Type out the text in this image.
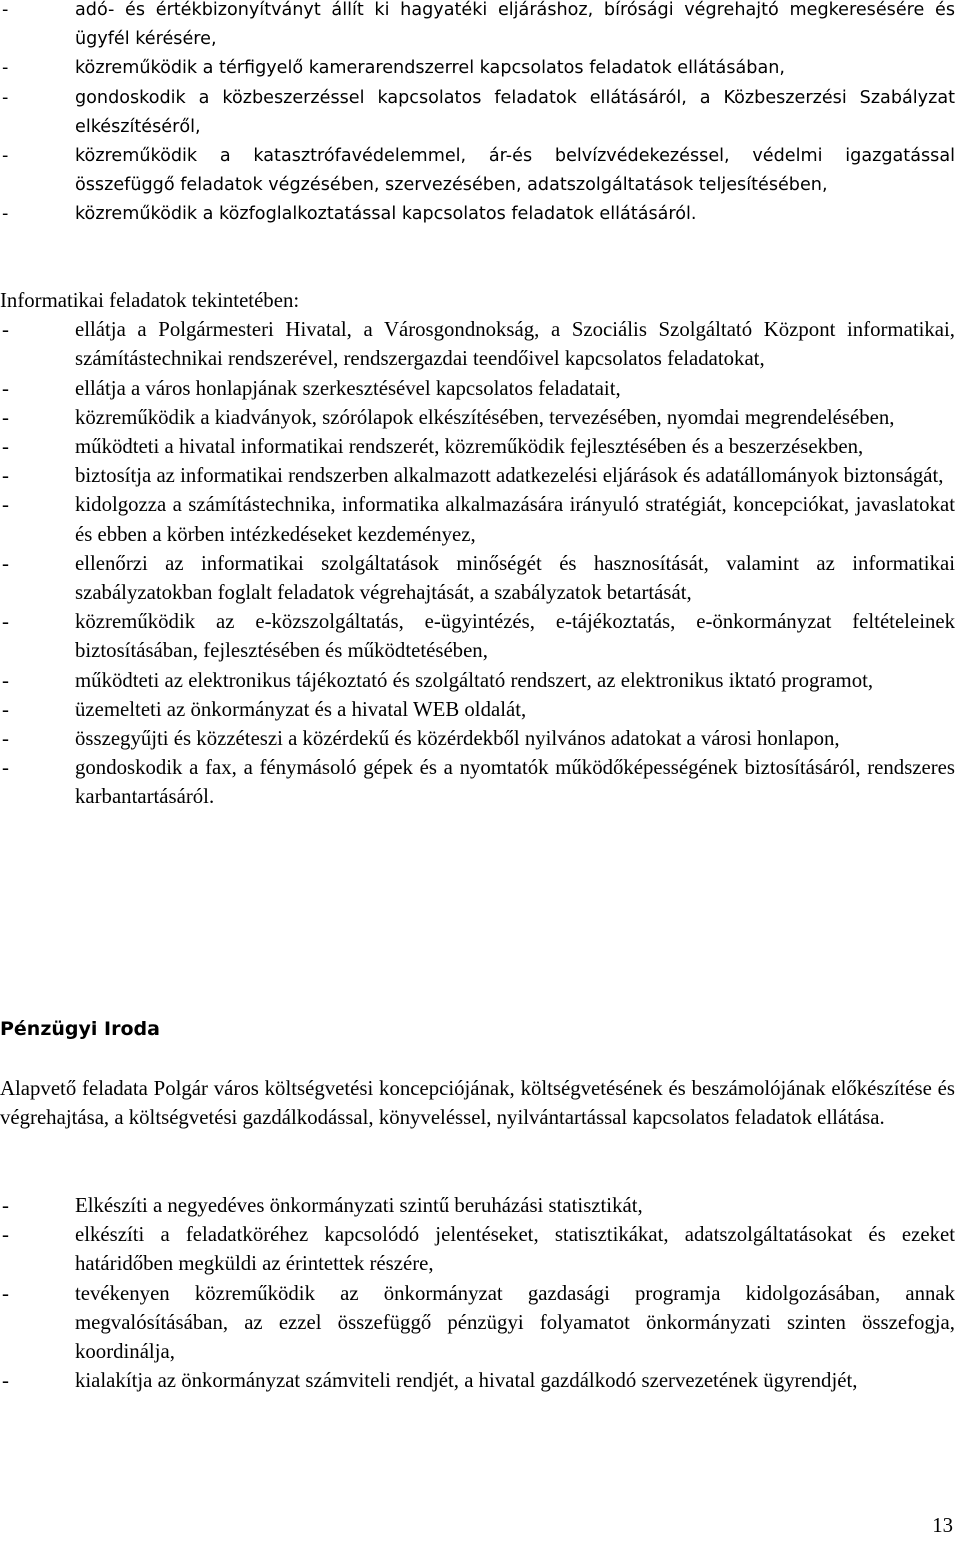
-	adó- és értékbizonyítványt állít ki hagyatéki eljáráshoz, bírósági végrehajtó megkeresésére és ügyfél kérésére,
-	közreműködik a térfigyelő kamerarendszerrel kapcsolatos feladatok ellátásában,
-	gondoskodik a közbeszerzéssel kapcsolatos feladatok ellátásáról, a Közbeszerzési Szabályzat elkészítéséről,
-	közreműködik a katasztrófavédelemmel, ár-és belvízvédekezéssel, védelmi igazgatással összefüggő feladatok végzésében, szervezésében, adatszolgáltatások teljesítésében,
-	közreműködik a közfoglalkoztatással kapcsolatos feladatok ellátásáról.

Informatikai feladatok tekintetében:

-	ellátja a Polgármesteri Hivatal, a Városgondnokság, a Szociális Szolgáltató Központ informatikai, számítástechnikai rendszerével, rendszergazdai teendőivel kapcsolatos feladatokat,
-	ellátja a város honlapjának szerkesztésével kapcsolatos feladatait,
-	közreműködik a kiadványok, szórólapok elkészítésében, tervezésében, nyomdai megrendelésében,
-	működteti a hivatal informatikai rendszerét, közreműködik fejlesztésében és a beszerzésekben,
-	biztosítja az informatikai rendszerben alkalmazott adatkezelési eljárások és adatállományok biztonságát,
-	kidolgozza a számítástechnika, informatika alkalmazására irányuló stratégiát, koncepciókat, javaslatokat és ebben a körben intézkedéseket kezdeményez,
-	ellenőrzi az informatikai szolgáltatások minőségét és hasznosítását, valamint az informatikai szabályzatokban foglalt feladatok végrehajtását, a szabályzatok betartását,
-	közreműködik az e-közszolgáltatás, e-ügyintézés, e-tájékoztatás, e-önkormányzat feltételeinek biztosításában, fejlesztésében és működtetésében,
-	működteti az elektronikus tájékoztató és szolgáltató rendszert, az elektronikus iktató programot,
-	üzemelteti az önkormányzat és a hivatal WEB oldalát,
-	összegyűjti és közzéteszi a közérdekű és közérdekből nyilvános adatokat a városi honlapon,
-	gondoskodik a fax, a fénymásoló gépek és a nyomtatók működőképességének biztosításáról, rendszeres karbantartásáról.

Pénzügyi Iroda

Alapvető feladata Polgár város költségvetési koncepciójának, költségvetésének és beszámolójának előkészítése és végrehajtása, a költségvetési gazdálkodással, könyveléssel, nyilvántartással kapcsolatos feladatok ellátása.

-	Elkészíti a negyedéves önkormányzati szintű beruházási statisztikát,
-	elkészíti a feladatköréhez kapcsolódó jelentéseket, statisztikákat, adatszolgáltatásokat és ezeket határidőben megküldi az érintettek részére,
-	tevékenyen közreműködik az önkormányzat gazdasági programja kidolgozásában, annak megvalósításában, az ezzel összefüggő pénzügyi folyamatot önkormányzati szinten összefogja, koordinálja,
-	kialakítja az önkormányzat számviteli rendjét, a hivatal gazdálkodó szervezetének ügyrendjét,
13
